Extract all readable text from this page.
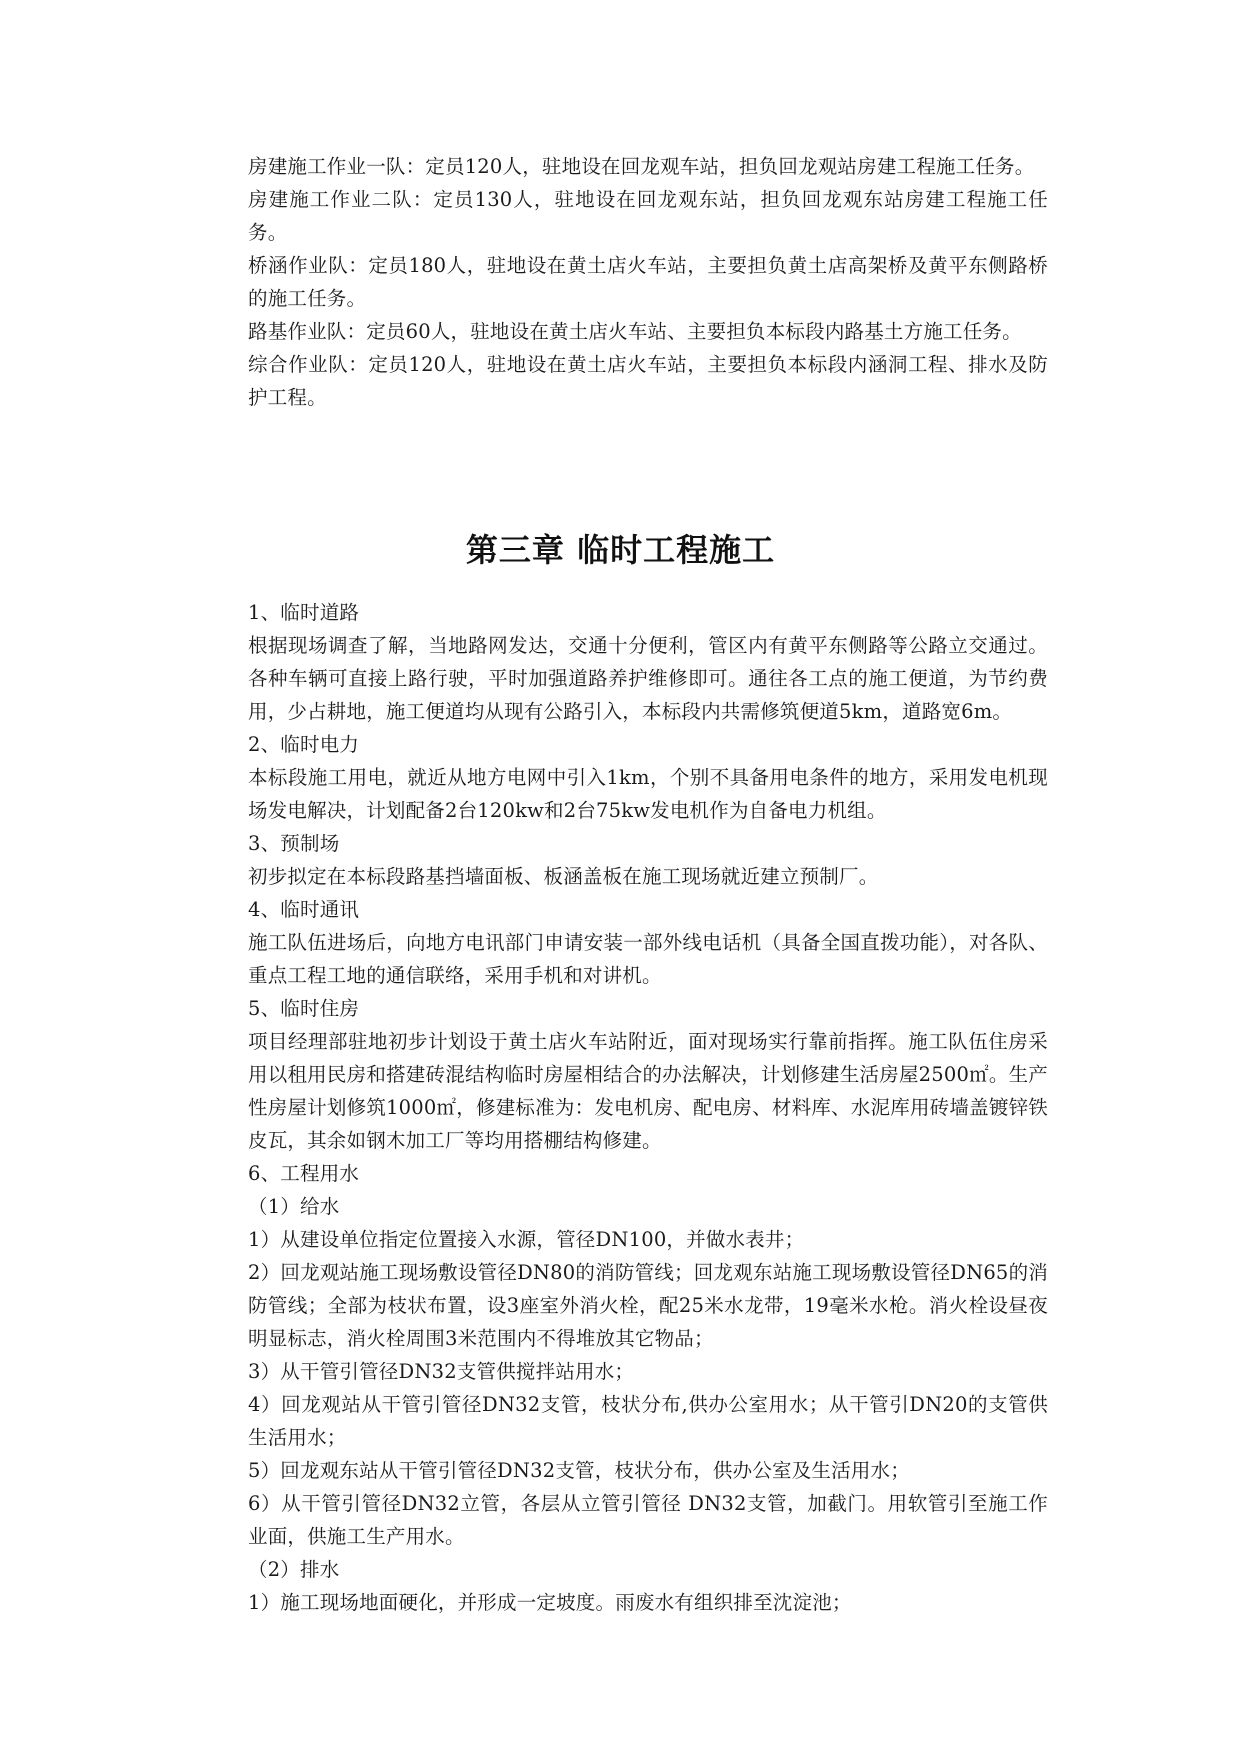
房建施工作业一队：定员120人，驻地设在回龙观车站，担负回龙观站房建工程施工任务。

房建施工作业二队：定员130人，驻地设在回龙观东站，担负回龙观东站房建工程施工任务。

桥涵作业队：定员180人，驻地设在黄土店火车站，主要担负黄土店高架桥及黄平东侧路桥的施工任务。

路基作业队：定员60人，驻地设在黄土店火车站、主要担负本标段内路基土方施工任务。

综合作业队：定员120人，驻地设在黄土店火车站，主要担负本标段内涵洞工程、排水及防护工程。

第三章 临时工程施工

1、临时道路

根据现场调查了解，当地路网发达，交通十分便利，管区内有黄平东侧路等公路立交通过。各种车辆可直接上路行驶，平时加强道路养护维修即可。通往各工点的施工便道，为节约费用，少占耕地，施工便道均从现有公路引入，本标段内共需修筑便道5km，道路宽6m。

2、临时电力

本标段施工用电，就近从地方电网中引入1km，个别不具备用电条件的地方，采用发电机现场发电解决，计划配备2台120kw和2台75kw发电机作为自备电力机组。

3、预制场

初步拟定在本标段路基挡墙面板、板涵盖板在施工现场就近建立预制厂。

4、临时通讯

施工队伍进场后，向地方电讯部门申请安装一部外线电话机（具备全国直拨功能），对各队、重点工程工地的通信联络，采用手机和对讲机。

5、临时住房

项目经理部驻地初步计划设于黄土店火车站附近，面对现场实行靠前指挥。施工队伍住房采用以租用民房和搭建砖混结构临时房屋相结合的办法解决，计划修建生活房屋2500㎡。生产性房屋计划修筑1000㎡，修建标准为：发电机房、配电房、材料库、水泥库用砖墙盖镀锌铁皮瓦，其余如钢木加工厂等均用搭棚结构修建。

6、工程用水

（1）给水

1）从建设单位指定位置接入水源，管径DN100，并做水表井；

2）回龙观站施工现场敷设管径DN80的消防管线；回龙观东站施工现场敷设管径DN65的消防管线；全部为枝状布置，设3座室外消火栓，配25米水龙带，19毫米水枪。消火栓设昼夜明显标志，消火栓周围3米范围内不得堆放其它物品；

3）从干管引管径DN32支管供搅拌站用水；

4）回龙观站从干管引管径DN32支管，枝状分布,供办公室用水；从干管引DN20的支管供生活用水；

5）回龙观东站从干管引管径DN32支管，枝状分布，供办公室及生活用水；

6）从干管引管径DN32立管，各层从立管引管径 DN32支管，加截门。用软管引至施工作业面，供施工生产用水。

（2）排水

1）施工现场地面硬化，并形成一定坡度。雨废水有组织排至沈淀池；
